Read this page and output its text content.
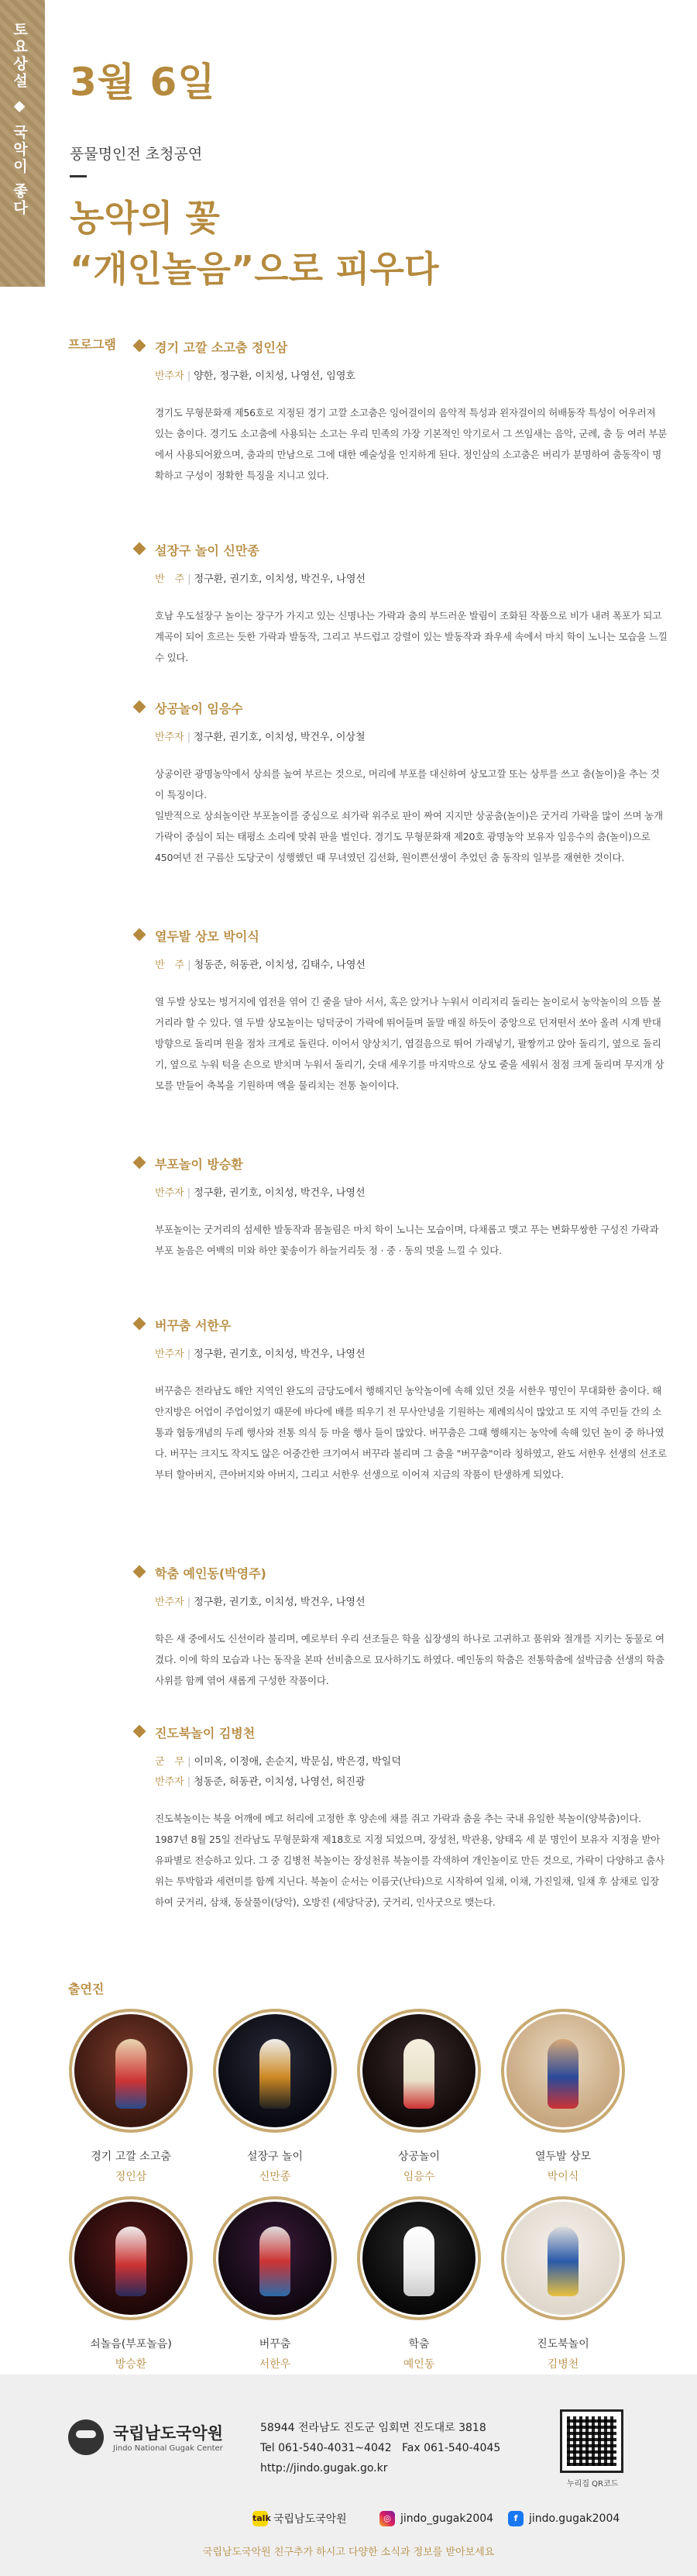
토요상설 ◆ 국악이 좋다 3월 6일
풍물명인전 초청공연
농악의 꽃
“개인놀음”으로 피우다
프로그램	경기 고깔 소고춤 정인삼
반주자 | 양한, 정구환, 이치성, 나영선, 임영호
경기도 무형문화재 제56호로 지정된 경기 고깔 소고춤은 잉어걸이의 음악적 특성과 왼자걸이의 허배동작 특성이 어우러져 있는 춤이다. 경기도 소고춤에 사용되는 소고는 우리 민족의 가장 기본적인 악기로서 그 쓰임새는 음악, 군례, 춤 등 여러 부분에서 사용되어왔으며, 춤과의 만남으로 그에 대한 예술성을 인지하게 된다. 정인삼의 소고춤은 버리가 분명하여 춤동작이 명확하고 구성이 정확한 특징을 지니고 있다.
설장구 놀이 신만종
반　주 | 정구환, 권기호, 이치성, 박건우, 나영선
호남 우도설장구 놀이는 장구가 가지고 있는 신명나는 가락과 춤의 부드러운 발림이 조화된 작품으로 비가 내려 폭포가 되고 계곡이 되어 흐르는 듯한 가락과 발동작, 그리고 부드럽고 강렬이 있는 발동작과 좌우세 속에서 마치 학이 노니는 모습을 느낄 수 있다.
상공놀이 임응수
반주자 | 정구환, 권기호, 이치성, 박건우, 이상철
상공이란 광명농악에서 상쇠를 높여 부르는 것으로, 머리에 부포를 대신하여 상모고깔 또는 상투를 쓰고 춤(놀이)을 추는 것이 특징이다.
일반적으로 상쇠놀이란 부포놀이를 중심으로 쇠가락 위주로 판이 짜여 지지만 상공춤(놀이)은 굿거리 가락을 많이 쓰며 농개 가락이 중심이 되는 태평소 소리에 맞춰 판을 벌인다. 경기도 무형문화재 제20호 광명농악 보유자 임응수의 춤(놀이)으로 450여년 전 구름산 도당굿이 성행했던 때 무녀였던 김선화, 원이쁜선생이 추었던 춤 동작의 일부를 재현한 것이다.
열두발 상모 박이식
반　주 | 청동준, 허동관, 이치성, 김태수, 나영선
열 두발 상모는 벙거지에 엽전을 엮어 긴 줄을 달아 서서, 혹은 앉거나 누워서 이리저리 돌리는 놀이로서 농악놀이의 으뜸 볼거리라 할 수 있다. 열 두발 상모놀이는 덩덕궁이 가락에 뛰어들며 돌말 매질 하듯이 중앙으로 던져떤서 쏘아 올려 시계 반대 방향으로 돌리며 원을 점차 크게로 돌린다. 이어서 양상치기, 엽걸음으로 뛰어 가래넣기, 팔짱끼고 앉아 돌리기, 옆으로 돌리기, 옆으로 누워 턱을 손으로 받치며 누워서 돌리기, 숫대 세우기를 마지막으로 상모 줄을 세워서 점점 크게 돌리며 무지개 상모를 만들어 축복을 기원하며 액을 물리치는 전통 놀이이다.
부포놀이 방승환
반주자 | 정구환, 권기호, 이치성, 박건우, 나영선
부포놀이는 굿거리의 섬세한 발동작과 몸놀림은 마치 학이 노니는 모습이며, 다채롭고 맺고 푸는 변화무쌍한 구성진 가락과 부포 놀음은 여백의 미와 하얀 꽃송이가 하늘거리듯 정 · 중 · 동의 멋을 느낄 수 있다.
버꾸춤 서한우
반주자 | 정구환, 권기호, 이치성, 박건우, 나영선
버꾸춤은 전라남도 해안 지역인 완도의 금당도에서 행해지던 농악놀이에 속해 있던 것을 서한우 명인이 무대화한 춤이다. 해안지방은 어업이 주업이었기 때문에 바다에 배를 띄우기 전 무사안녕을 기원하는 제례의식이 많았고 또 지역 주민들 간의 소통과 협동개념의 두레 행사와 전통 의식 등 마을 행사 들이 많았다. 버꾸춤은 그때 행해지는 농악에 속해 있던 놀이 중 하나였다. 버꾸는 크지도 작지도 않은 어중간한 크기여서 버꾸라 불리며 그 춤을 "버꾸춤"이라 칭하였고, 완도 서한우 선생의 선조로부터 할아버지, 큰아버지와 아버지, 그리고 서한우 선생으로 이어져 지금의 작품이 탄생하게 되었다.
학춤 예인동(박영주)
반주자 | 정구환, 권기호, 이치성, 박건우, 나영선
학은 새 중에서도 신선이라 불리며, 예로부터 우리 선조들은 학을 십장생의 하나로 고귀하고 품위와 절개를 지키는 동물로 여겼다. 이에 학의 모습과 나는 동작을 본따 선비춤으로 묘사하기도 하였다. 예인동의 학춤은 전통학춤에 설박금춤 선생의 학춤사위를 함께 엮어 새롭게 구성한 작품이다.
진도북놀이 김병천
군　무 | 이미옥, 이정애, 손순지, 박문심, 박은경, 박일덕
반주자 | 청동준, 허동관, 이치성, 나영선, 허진광
진도북놀이는 북을 어깨에 메고 허리에 고정한 후 양손에 채를 쥐고 가락과 춤을 추는 국내 유일한 북놀이(양북춤)이다. 1987년 8월 25일 전라남도 무형문화재 제18호로 지정 되었으며, 장성천, 박관용, 양태옥 세 분 명인이 보유자 지정을 받아 유파별로 전승하고 있다. 그 중 김병천 북놀이는 장성천류 북놀이를 각색하여 개인놀이로 만든 것으로, 가락이 다양하고 춤사위는 투박함과 세련미를 함께 지닌다. 북놀이 순서는 이름굿(난타)으로 시작하여 일채, 이채, 가진일채, 일채 후 삼채로 입장하여 굿거리, 삼채, 동살풀이(당악), 오방진 (세당닥궁), 굿거리, 인사굿으로 맺는다.
출연진
경기 고깔 소고춤
정인삼
설장구 놀이
신만종
상공놀이
임응수
열두발 상모
박이식
쇠놀음(부포놀음)
방승환
버꾸춤
서한우
학춤
예인동
진도북놀이
김병천
국립남도국악원
Jindo National Gugak Center
58944 전라남도 진도군 임회면 진도대로 3818
Tel 061-540-4031~4042   Fax 061-540-4045
http://jindo.gugak.go.kr
누리집 QR코드
talk 국립남도국악원	◎ jindo_gugak2004	f	jindo.gugak2004
국립남도국악원 친구추가 하시고 다양한 소식과 정보를 받아보세요
